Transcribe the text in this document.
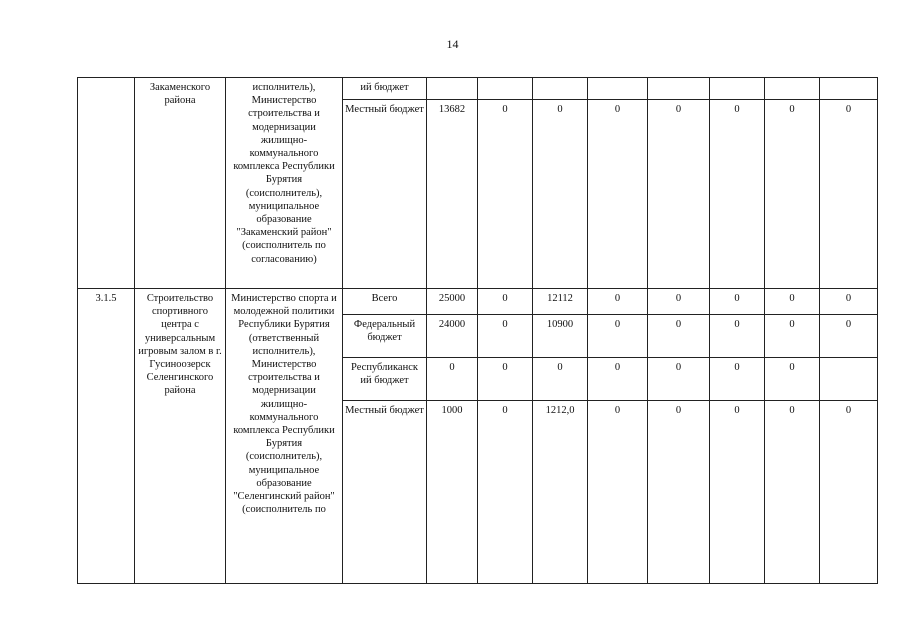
14
	Закаменского района	исполнитель), Министерство строительства и модернизации жилищно-коммунального комплекса Республики Бурятия (соисполнитель), муниципальное образование "Закаменский район" (соисполнитель по согласованию)	ий бюджет								
			Местный бюджет	13682	0	0	0	0	0	0	0
3.1.5	Строительство спортивного центра с универсальным игровым залом в г. Гусиноозерск Селенгинского района	Министерство спорта и молодежной политики Республики Бурятия (ответственный исполнитель), Министерство строительства и модернизации жилищно-коммунального комплекса Республики Бурятия (соисполнитель), муниципальное образование "Селенгинский район" (соисполнитель по	Всего	25000	0	12112	0	0	0	0	0
			Федеральный бюджет	24000	0	10900	0	0	0	0	0
			Республиканск ий бюджет	0	0	0	0	0	0	0	
			Местный бюджет	1000	0	1212,0	0	0	0	0	0
